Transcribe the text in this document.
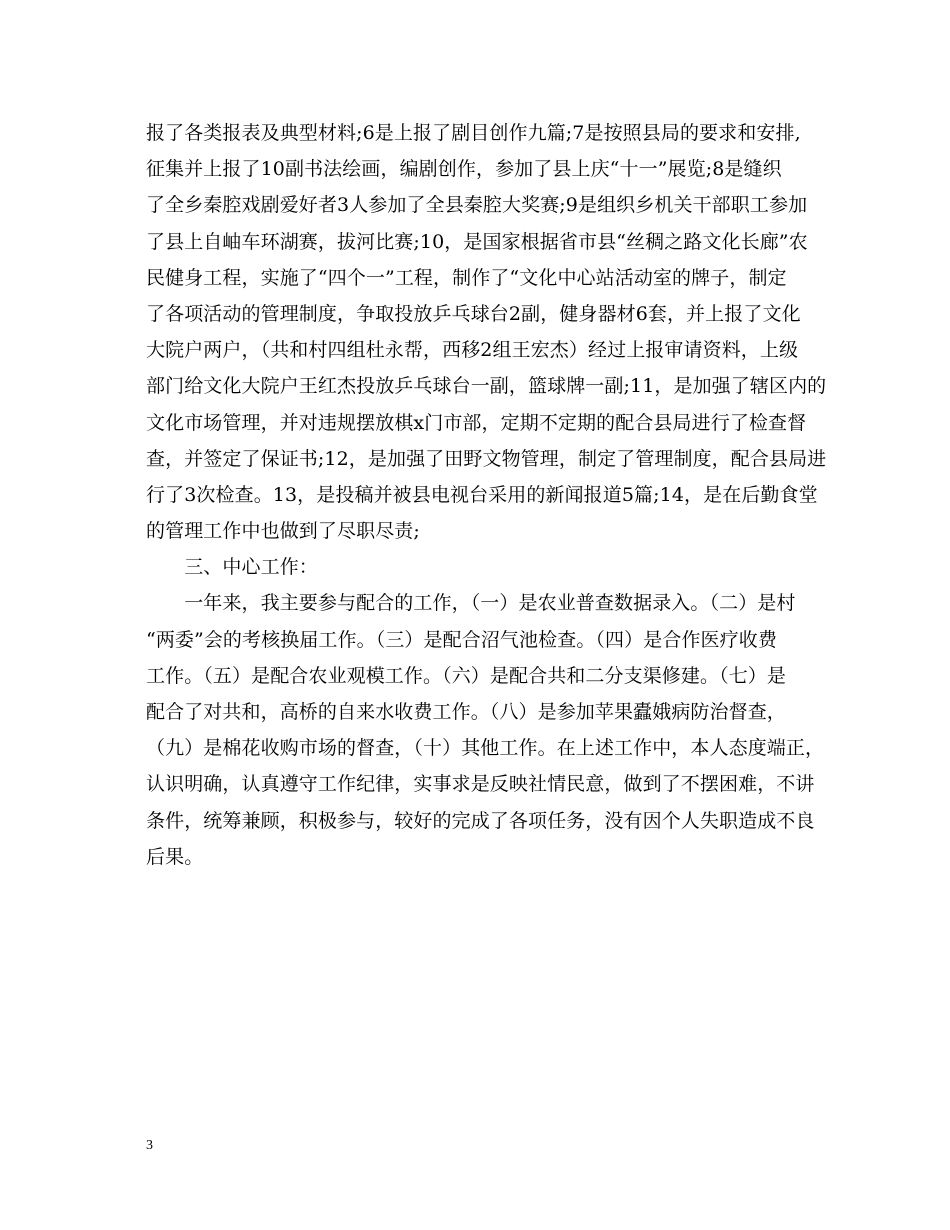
报了各类报表及典型材料;6是上报了剧目创作九篇;7是按照县局的要求和安排,
征集并上报了10副书法绘画，编剧创作，参加了县上庆“十一”展览;8是缝织
了全乡秦腔戏剧爱好者3人参加了全县秦腔大奖赛;9是组织乡机关干部职工参加
了县上自岫车环湖赛，拔河比赛;10，是国家根据省市县“丝稠之路文化长廊”农
民健身工程，实施了“四个一”工程，制作了“文化中心站活动室的牌子，制定
了各项活动的管理制度，争取投放乒乓球台2副，健身器材6套，并上报了文化
大院户两户，（共和村四组杜永帮，西移2组王宏杰）经过上报审请资料，上级
部门给文化大院户王红杰投放乒乓球台一副，篮球牌一副;11，是加强了辖区内的
文化市场管理，并对违规摆放棋x门市部，定期不定期的配合县局进行了检查督
查，并签定了保证书;12，是加强了田野文物管理，制定了管理制度，配合县局进
行了3次检查。13，是投稿并被县电视台采用的新闻报道5篇;14，是在后勤食堂
的管理工作中也做到了尽职尽责;
　　三、中心工作：
　　一年来，我主要参与配合的工作，（一）是农业普查数据录入。（二）是村
“两委”会的考核换届工作。（三）是配合沼气池检查。（四）是合作医疗收费
工作。（五）是配合农业观模工作。（六）是配合共和二分支渠修建。（七）是
配合了对共和，高桥的自来水收费工作。（八）是参加苹果蠹娥病防治督查，
（九）是棉花收购市场的督查，（十）其他工作。在上述工作中，本人态度端正，
认识明确，认真遵守工作纪律，实事求是反映社情民意，做到了不摆困难，不讲
条件，统筹兼顾，积极参与，较好的完成了各项任务，没有因个人失职造成不良
后果。
3
